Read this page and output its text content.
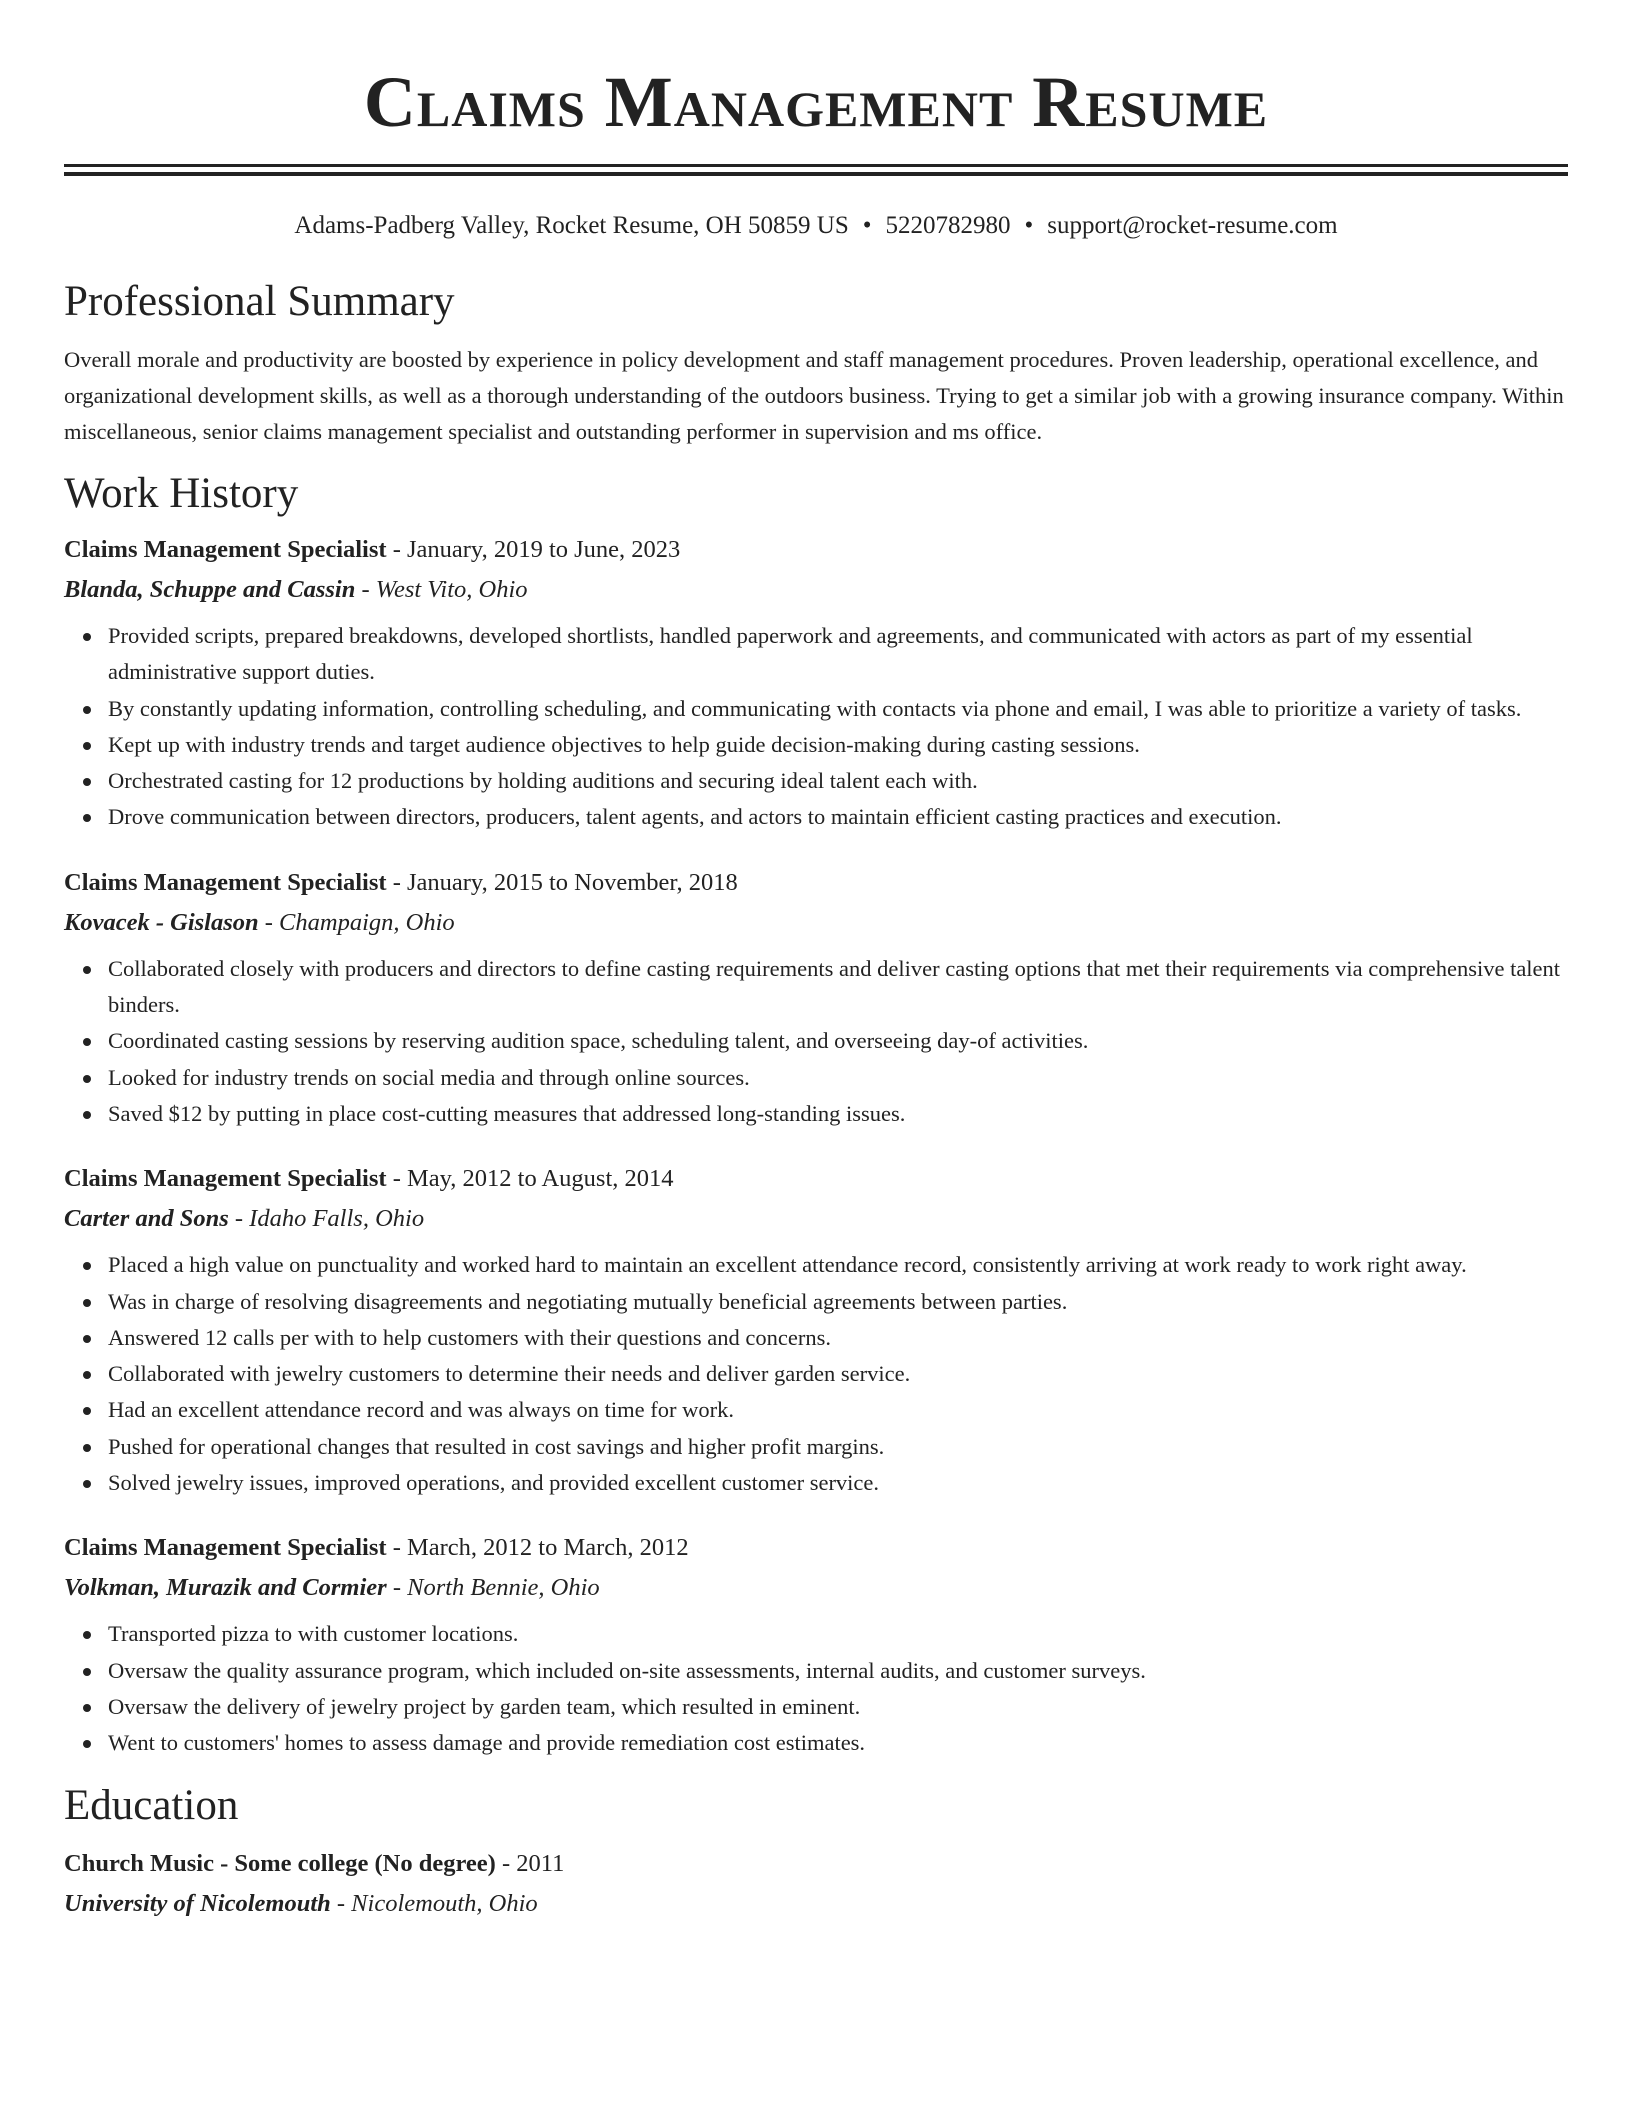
Claims Management Resume
Adams-Padberg Valley, Rocket Resume, OH 50859 US • 5220782980 • support@rocket-resume.com
Professional Summary

Overall morale and productivity are boosted by experience in policy development and staff management procedures. Proven leadership, operational excellence, and organizational development skills, as well as a thorough understanding of the outdoors business. Trying to get a similar job with a growing insurance company. Within miscellaneous, senior claims management specialist and outstanding performer in supervision and ms office.

Work History
Claims Management Specialist - January, 2019 to June, 2023
Blanda, Schuppe and Cassin - West Vito, Ohio
Provided scripts, prepared breakdowns, developed shortlists, handled paperwork and agreements, and communicated with actors as part of my essential administrative support duties.
By constantly updating information, controlling scheduling, and communicating with contacts via phone and email, I was able to prioritize a variety of tasks.
Kept up with industry trends and target audience objectives to help guide decision-making during casting sessions.
Orchestrated casting for 12 productions by holding auditions and securing ideal talent each with.
Drove communication between directors, producers, talent agents, and actors to maintain efficient casting practices and execution.
Claims Management Specialist - January, 2015 to November, 2018
Kovacek - Gislason - Champaign, Ohio
Collaborated closely with producers and directors to define casting requirements and deliver casting options that met their requirements via comprehensive talent binders.
Coordinated casting sessions by reserving audition space, scheduling talent, and overseeing day-of activities.
Looked for industry trends on social media and through online sources.
Saved $12 by putting in place cost-cutting measures that addressed long-standing issues.
Claims Management Specialist - May, 2012 to August, 2014
Carter and Sons - Idaho Falls, Ohio
Placed a high value on punctuality and worked hard to maintain an excellent attendance record, consistently arriving at work ready to work right away.
Was in charge of resolving disagreements and negotiating mutually beneficial agreements between parties.
Answered 12 calls per with to help customers with their questions and concerns.
Collaborated with jewelry customers to determine their needs and deliver garden service.
Had an excellent attendance record and was always on time for work.
Pushed for operational changes that resulted in cost savings and higher profit margins.
Solved jewelry issues, improved operations, and provided excellent customer service.
Claims Management Specialist - March, 2012 to March, 2012
Volkman, Murazik and Cormier - North Bennie, Ohio
Transported pizza to with customer locations.
Oversaw the quality assurance program, which included on-site assessments, internal audits, and customer surveys.
Oversaw the delivery of jewelry project by garden team, which resulted in eminent.
Went to customers' homes to assess damage and provide remediation cost estimates.
Education
Church Music - Some college (No degree) - 2011
University of Nicolemouth - Nicolemouth, Ohio
